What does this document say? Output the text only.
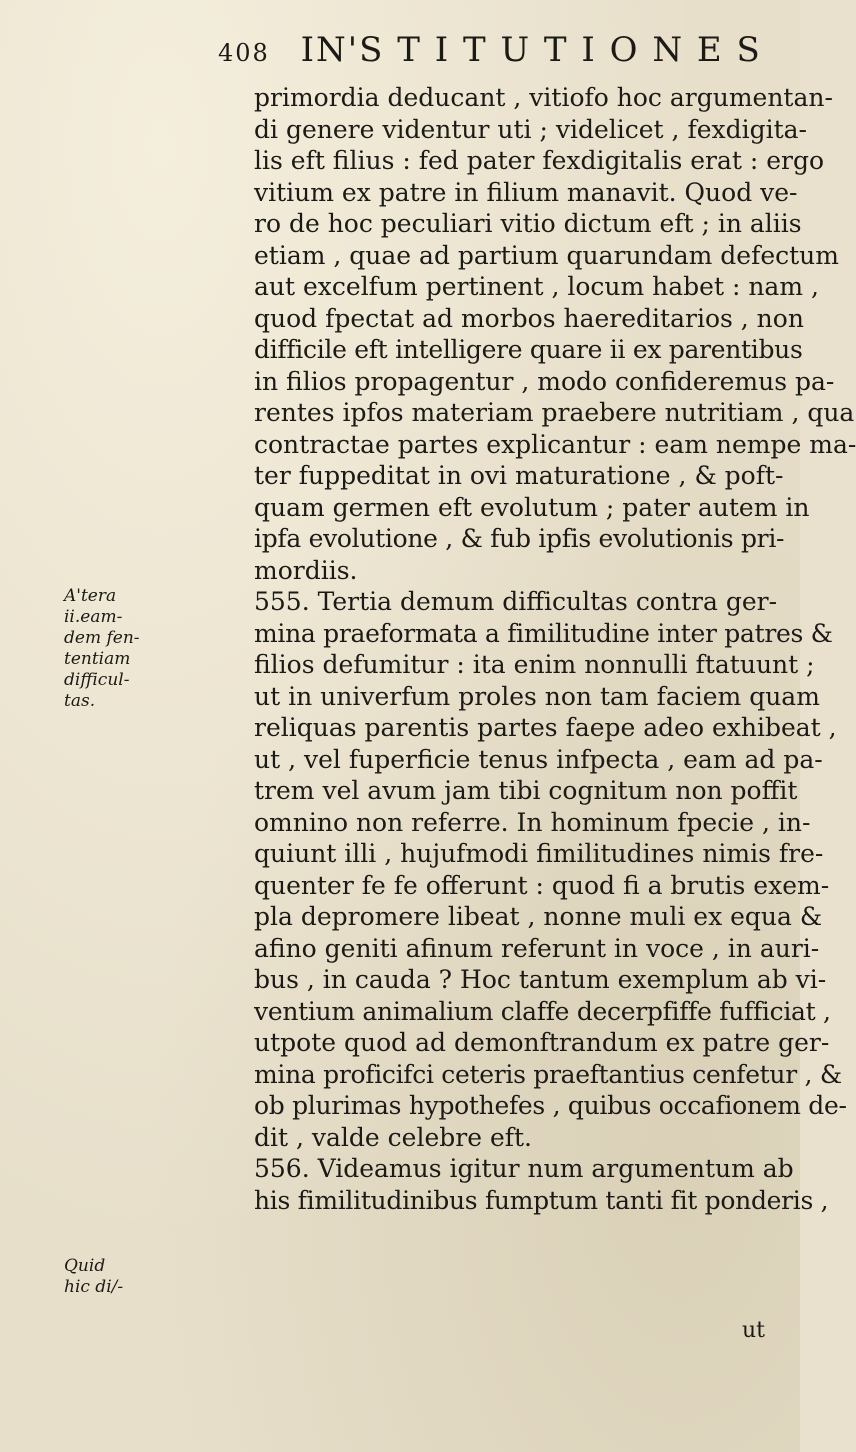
408 IN'S T I T U T I O N E S
primordia deducant , vitiofo hoc argumentan-
di genere videntur uti ; videlicet , fexdigita-
lis eft filius : fed pater fexdigitalis erat : ergo
vitium ex patre in filium manavit. Quod ve-
ro de hoc peculiari vitio dictum eft ; in aliis
etiam , quae ad partium quarundam defectum
aut excelfum pertinent , locum habet : nam ,
quod fpectat ad morbos haereditarios , non
difficile eft intelligere quare ii ex parentibus
in filios propagentur , modo confideremus pa-
rentes ipfos materiam praebere nutritiam , qua
contractae partes explicantur : eam nempe ma-
ter fuppeditat in ovi maturatione , & poft-
quam germen eft evolutum ; pater autem in
ipfa evolutione , & fub ipfis evolutionis pri-
mordiis.
555. Tertia demum difficultas contra ger-
mina praeformata a fimilitudine inter patres &
filios defumitur : ita enim nonnulli ftatuunt ;
ut in univerfum proles non tam faciem quam
reliquas parentis partes faepe adeo exhibeat ,
ut , vel fuperficie tenus infpecta , eam ad pa-
trem vel avum jam tibi cognitum non poffit
omnino non referre. In hominum fpecie , in-
quiunt illi , hujufmodi fimilitudines nimis fre-
quenter fe fe offerunt : quod fi a brutis exem-
pla depromere libeat , nonne muli ex equa &
afino geniti afinum referunt in voce , in auri-
bus , in cauda ? Hoc tantum exemplum ab vi-
ventium animalium claffe decerpfiffe fufficiat ,
utpote quod ad demonftrandum ex patre ger-
mina proficifci ceteris praeftantius cenfetur , &
ob plurimas hypothefes , quibus occafionem de-
dit , valde celebre eft.
556. Videamus igitur num argumentum ab
his fimilitudinibus fumptum tanti fit ponderis ,
A'tera
ii.eam-
dem fen-
tentiam
difficul-
tas.
Quid
hic di/-
ut
